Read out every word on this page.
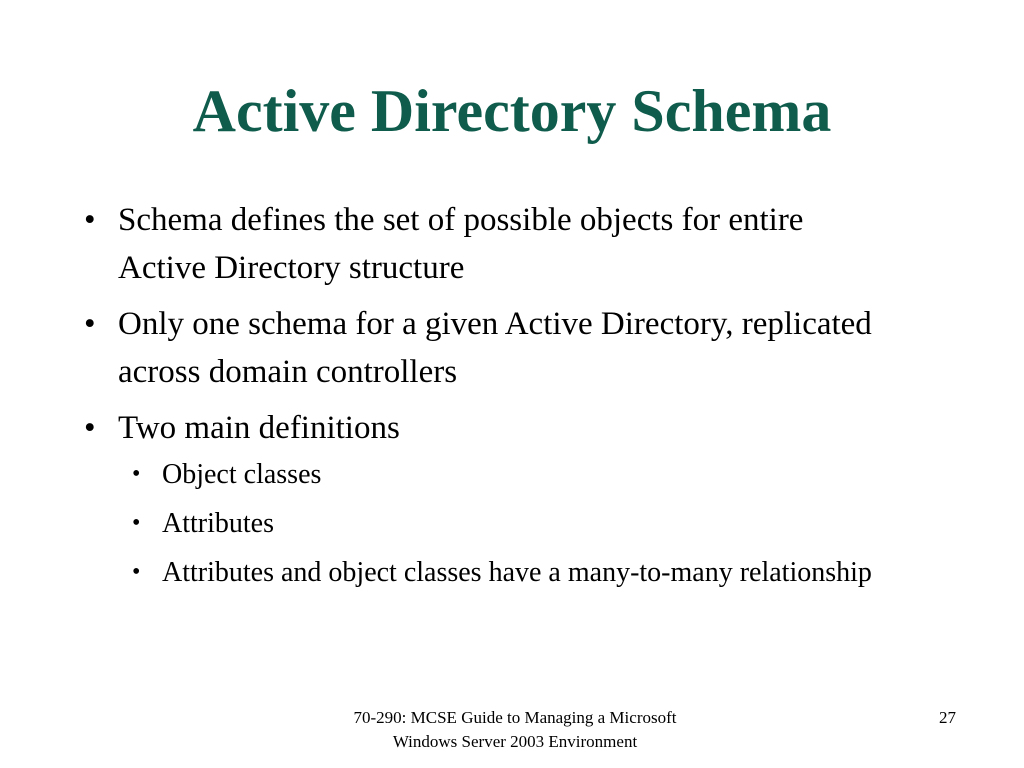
Active Directory Schema
• Schema defines the set of possible objects for entire Active Directory structure
• Only one schema for a given Active Directory, replicated across domain controllers
• Two main definitions
• Object classes
• Attributes
• Attributes and object classes have a many-to-many relationship
70-290: MCSE Guide to Managing a Microsoft
Windows Server 2003 Environment
27
